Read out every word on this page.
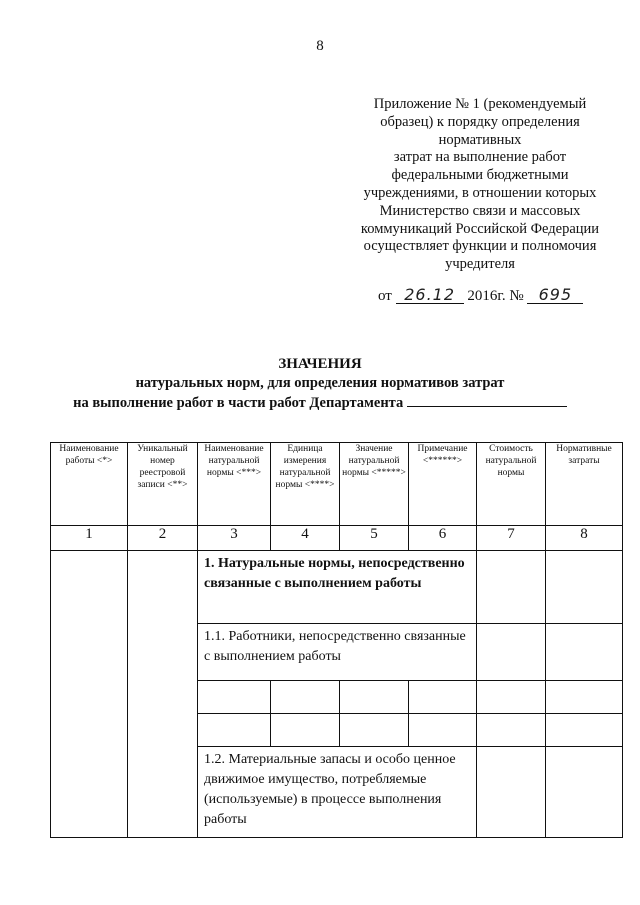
8
Приложение № 1 (рекомендуемый
образец) к порядку определения
нормативных
затрат на выполнение работ
федеральными бюджетными
учреждениями, в отношении которых
Министерство связи и массовых
коммуникаций Российской Федерации
осуществляет функции и полномочия
учредителя
от 26.12 2016г. № 695
ЗНАЧЕНИЯ
натуральных норм, для определения нормативов затрат
на выполнение работ в части работ Департамента
Наименование работы <*>	Уникальный номер реестровой записи <**>	Наименование натуральной нормы <***>	Единица измерения натуральной нормы <****>	Значение натуральной нормы <*****>	Примечание <******>	Стоимость натуральной нормы	Нормативные затраты

1	2	3	4	5	6	7	8
		1. Натуральные нормы, непосредственно связанные с выполнением работы					
		1.1. Работники, непосредственно связанные с выполнением работы					

		1.2. Материальные запасы и особо ценное движимое имущество, потребляемые (используемые) в процессе выполнения работы					
